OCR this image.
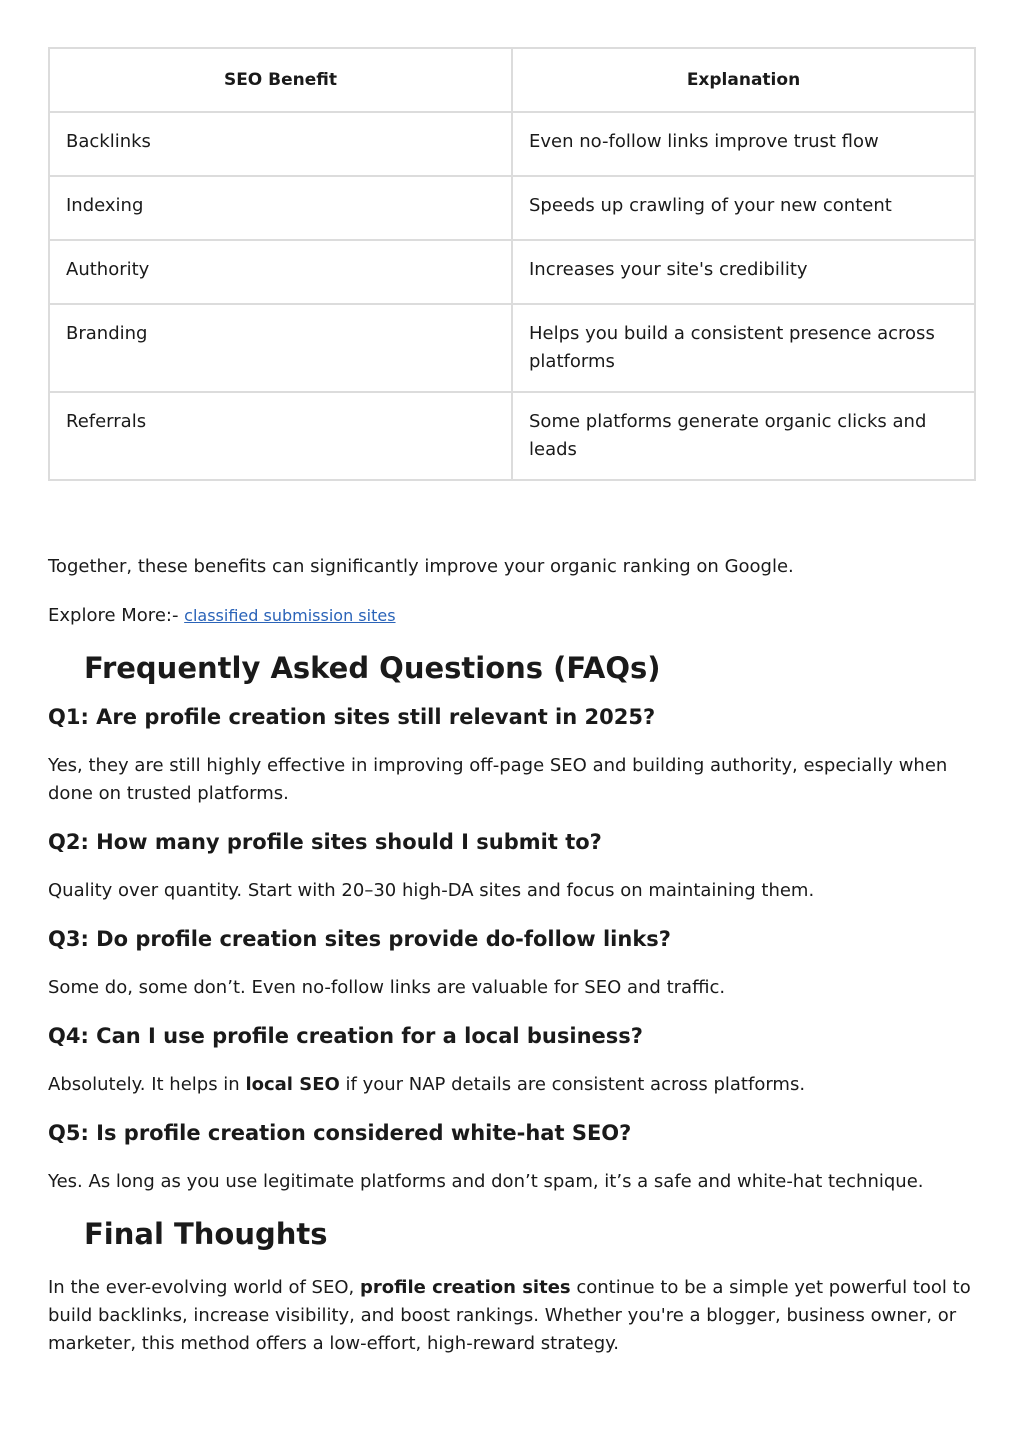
SEO Benefit	Explanation
Backlinks	Even no-follow links improve trust flow
Indexing	Speeds up crawling of your new content
Authority	Increases your site's credibility
Branding	Helps you build a consistent presence across platforms
Referrals	Some platforms generate organic clicks and leads

Together, these benefits can significantly improve your organic ranking on Google.

Explore More:- classified submission sites

Frequently Asked Questions (FAQs)
Q1: Are profile creation sites still relevant in 2025?

Yes, they are still highly effective in improving off-page SEO and building authority, especially when done on trusted platforms.

Q2: How many profile sites should I submit to?

Quality over quantity. Start with 20–30 high-DA sites and focus on maintaining them.

Q3: Do profile creation sites provide do-follow links?

Some do, some don’t. Even no-follow links are valuable for SEO and traffic.

Q4: Can I use profile creation for a local business?

Absolutely. It helps in local SEO if your NAP details are consistent across platforms.

Q5: Is profile creation considered white-hat SEO?

Yes. As long as you use legitimate platforms and don’t spam, it’s a safe and white-hat technique.

Final Thoughts

In the ever-evolving world of SEO, profile creation sites continue to be a simple yet powerful tool to build backlinks, increase visibility, and boost rankings. Whether you're a blogger, business owner, or marketer, this method offers a low-effort, high-reward strategy.
